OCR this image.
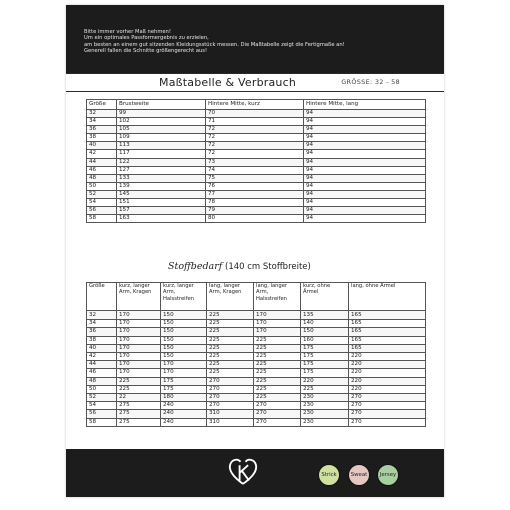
Bitte immer vorher Maß nehmen!
Um ein optimales Passformergebnis zu erzielen,
am besten an einem gut sitzenden Kleidungsstück messen. Die Maßtabelle zeigt die Fertigmaße an!
Generell fallen die Schnitte größengerecht aus!
Maßtabelle & Verbrauch	GRÖSSE: 32 - 58
Größe	Brustweite	Hintere Mitte, kurz	Hintere Mitte, lang
32	99	70	94
34	102	71	94
36	105	72	94
38	109	72	94
40	113	72	94
42	117	72	94
44	122	73	94
46	127	74	94
48	133	75	94
50	139	76	94
52	145	77	94
54	151	78	94
56	157	79	94
58	163	80	94
Stoffbedarf (140 cm Stoffbreite)
Größe	kurz, langer Arm, Kragen	kurz, langer Arm, Halsstreifen	lang, langer Arm, Kragen	lang, langer Arm, Halsstreifen	kurz, ohne Ärmel	lang, ohne Ärmel
32	170	150	225	170	135	165
34	170	150	225	170	140	165
36	170	150	225	170	150	165
38	170	150	225	225	160	165
40	170	150	225	225	175	165
42	170	150	225	225	175	220
44	170	170	225	225	175	220
46	170	170	225	225	175	220
48	225	175	270	225	220	220
50	225	175	270	225	225	220
52	22	180	270	225	230	270
54	275	240	270	270	230	270
56	275	240	310	270	230	270
58	275	240	310	270	230	270
Strick	Sweat Jersey
